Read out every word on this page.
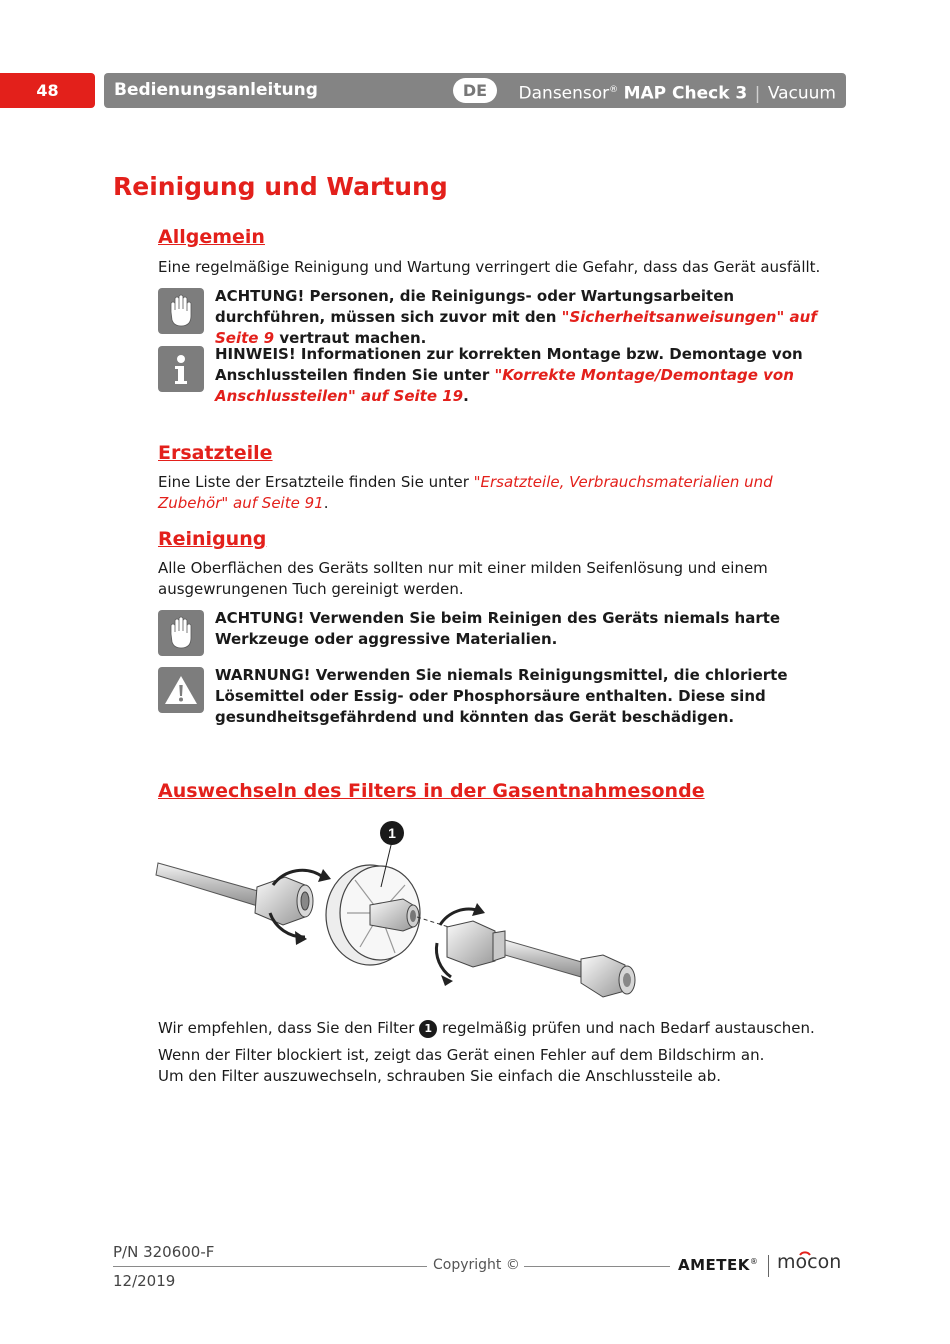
48	Bedienungsanleitung	DE	Dansensor® MAP Check 3 | Vacuum
Reinigung und Wartung
Allgemein

Eine regelmäßige Reinigung und Wartung verringert die Gefahr, dass das Gerät ausfällt.

ACHTUNG! Personen, die Reinigungs- oder Wartungsarbeiten durchführen, müssen sich zuvor mit den "Sicherheitsanweisungen" auf Seite 9 vertraut machen.
HINWEIS! Informationen zur korrekten Montage bzw. Demontage von Anschlussteilen finden Sie unter "Korrekte Montage/Demontage von Anschlussteilen" auf Seite 19.
Ersatzteile

Eine Liste der Ersatzteile finden Sie unter "Ersatzteile, Verbrauchsmaterialien und Zubehör" auf Seite 91.

Reinigung

Alle Oberflächen des Geräts sollten nur mit einer milden Seifenlösung und einem ausgewrungenen Tuch gereinigt werden.

ACHTUNG! Verwenden Sie beim Reinigen des Geräts niemals harte Werkzeuge oder aggressive Materialien.
WARNUNG! Verwenden Sie niemals Reinigungsmittel, die chlorierte Lösemittel oder Essig- oder Phosphorsäure enthalten. Diese sind gesundheitsgefährdend und könnten das Gerät beschädigen.
Auswechseln des Filters in der Gasentnahmesonde
1

Wir empfehlen, dass Sie den Filter 1 regelmäßig prüfen und nach Bedarf austauschen.

Wenn der Filter blockiert ist, zeigt das Gerät einen Fehler auf dem Bildschirm an.
Um den Filter auszuwechseln, schrauben Sie einfach die Anschlussteile ab.

P/N 320600-F
12/2019
Copyright ©	AMETEK® mocon
